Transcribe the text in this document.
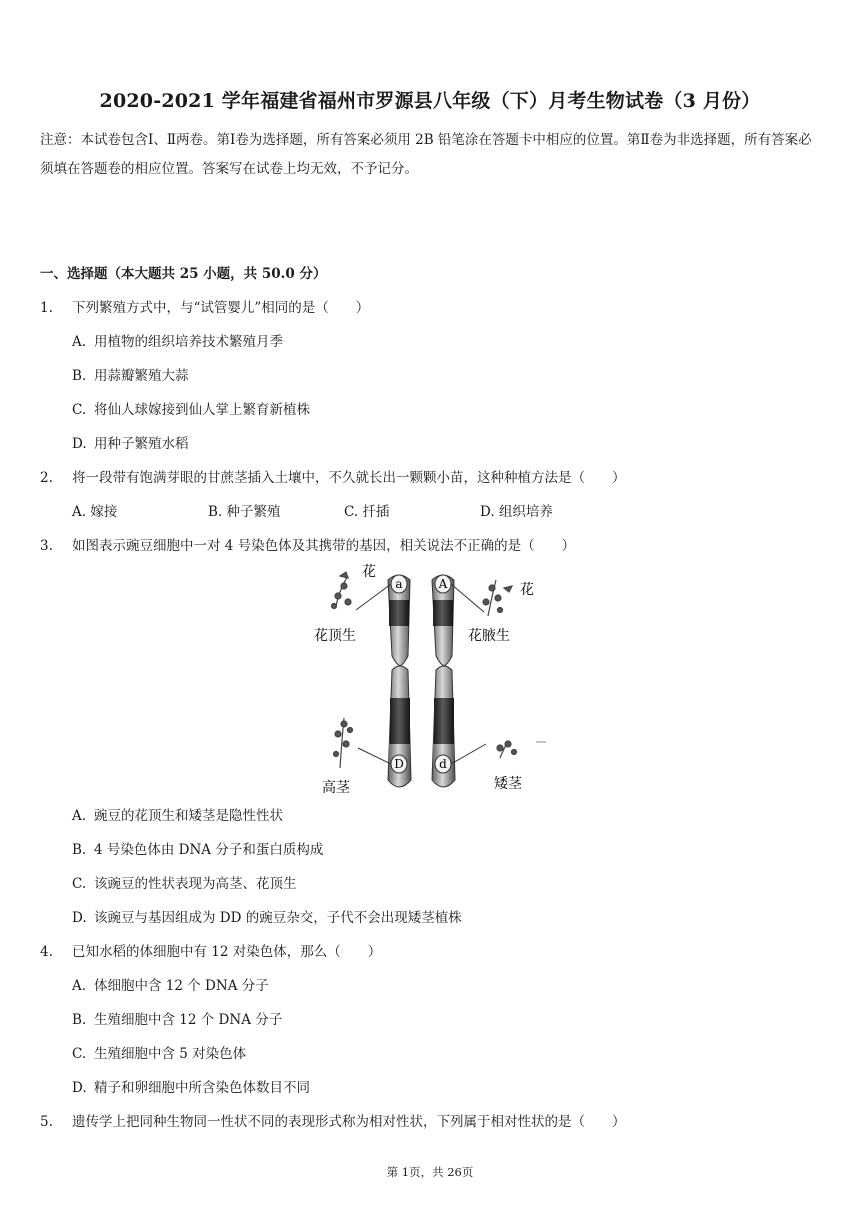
2020-2021 学年福建省福州市罗源县八年级（下）月考生物试卷（3 月份）
注意：本试卷包含Ⅰ、Ⅱ两卷。第Ⅰ卷为选择题，所有答案必须用 2B 铅笔涂在答题卡中相应的位置。第Ⅱ卷为非选择题，所有答案必须填在答题卷的相应位置。答案写在试卷上均无效，不予记分。
一、选择题（本大题共 25 小题，共 50.0 分）
1. 下列繁殖方式中，与“试管婴儿”相同的是（　　）
A. 用植物的组织培养技术繁殖月季
B. 用蒜瓣繁殖大蒜
C. 将仙人球嫁接到仙人掌上繁育新植株
D. 用种子繁殖水稻
2. 将一段带有饱满芽眼的甘蔗茎插入土壤中，不久就长出一颗颗小苗，这种种植方法是（　　）
A. 嫁接	B. 种子繁殖	C. 扦插	D. 组织培养
3. 如图表示豌豆细胞中一对 4 号染色体及其携带的基因，相关说法不正确的是（　　）
a	A
D	d
花
花
花顶生	花腋生
高茎	矮茎
A. 豌豆的花顶生和矮茎是隐性性状
B. 4 号染色体由 DNA 分子和蛋白质构成
C. 该豌豆的性状表现为高茎、花顶生
D. 该豌豆与基因组成为 DD 的豌豆杂交，子代不会出现矮茎植株
4. 已知水稻的体细胞中有 12 对染色体，那么（　　）
A. 体细胞中含 12 个 DNA 分子
B. 生殖细胞中含 12 个 DNA 分子
C. 生殖细胞中含 5 对染色体
D. 精子和卵细胞中所含染色体数目不同
5. 遗传学上把同种生物同一性状不同的表现形式称为相对性状，下列属于相对性状的是（　　）
第 1页，共 26页
